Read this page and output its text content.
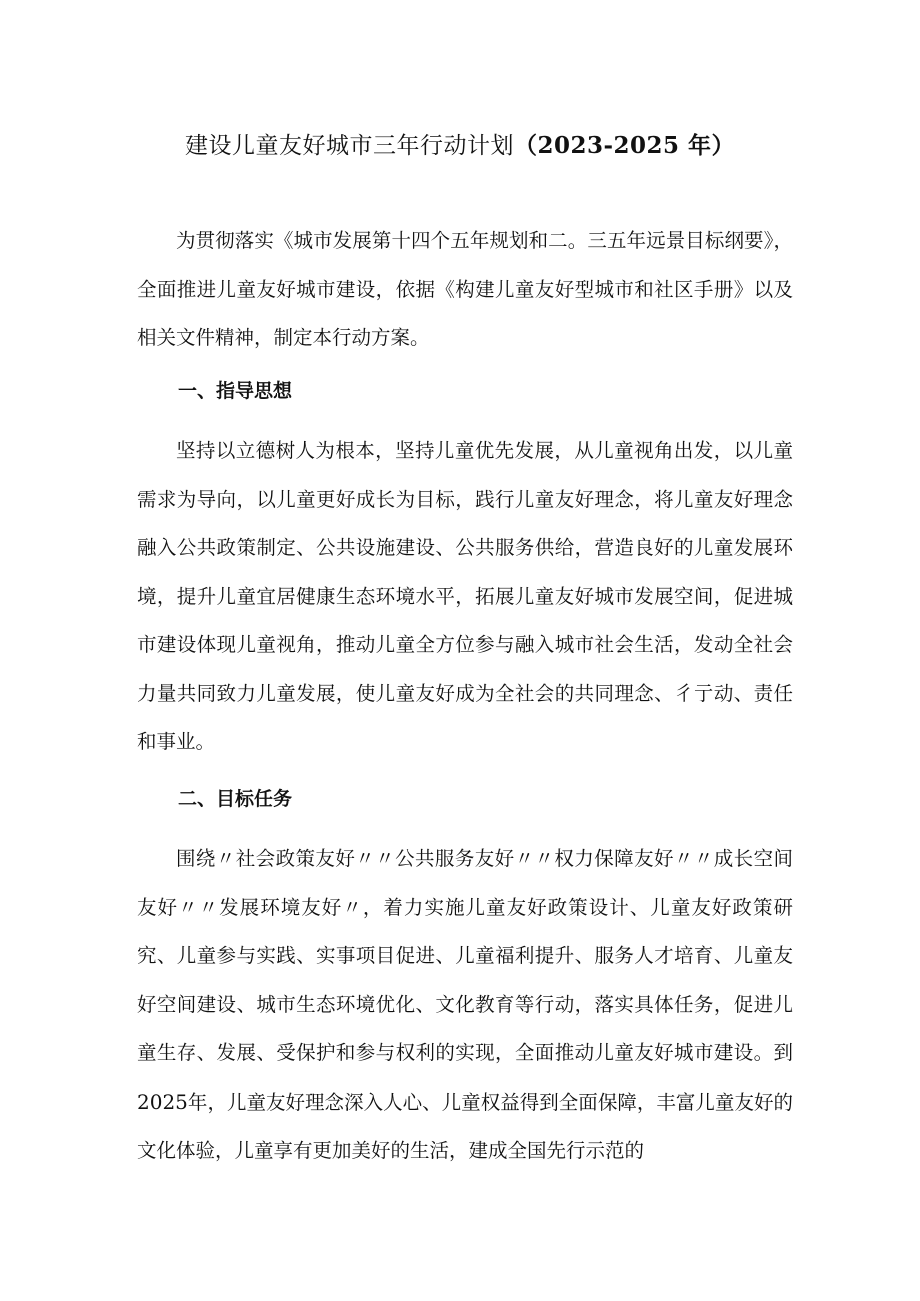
建设儿童友好城市三年行动计划（2023-2025 年）

为贯彻落实《城市发展第十四个五年规划和二。三五年远景目标纲要》，全面推进儿童友好城市建设，依据《构建儿童友好型城市和社区手册》以及相关文件精神，制定本行动方案。

一、指导思想

坚持以立德树人为根本，坚持儿童优先发展，从儿童视角出发，以儿童需求为导向，以儿童更好成长为目标，践行儿童友好理念，将儿童友好理念融入公共政策制定、公共设施建设、公共服务供给，营造良好的儿童发展环境，提升儿童宜居健康生态环境水平，拓展儿童友好城市发展空间，促进城市建设体现儿童视角，推动儿童全方位参与融入城市社会生活，发动全社会力量共同致力儿童发展，使儿童友好成为全社会的共同理念、彳亍动、责任和事业。

二、目标任务

围绕〃社会政策友好〃〃公共服务友好〃〃权力保障友好〃〃成长空间友好〃〃发展环境友好〃，着力实施儿童友好政策设计、儿童友好政策研究、儿童参与实践、实事项目促进、儿童福利提升、服务人才培育、儿童友好空间建设、城市生态环境优化、文化教育等行动，落实具体任务，促进儿童生存、发展、受保护和参与权利的实现，全面推动儿童友好城市建设。到2025年，儿童友好理念深入人心、儿童权益得到全面保障，丰富儿童友好的文化体验，儿童享有更加美好的生活，建成全国先行示范的
